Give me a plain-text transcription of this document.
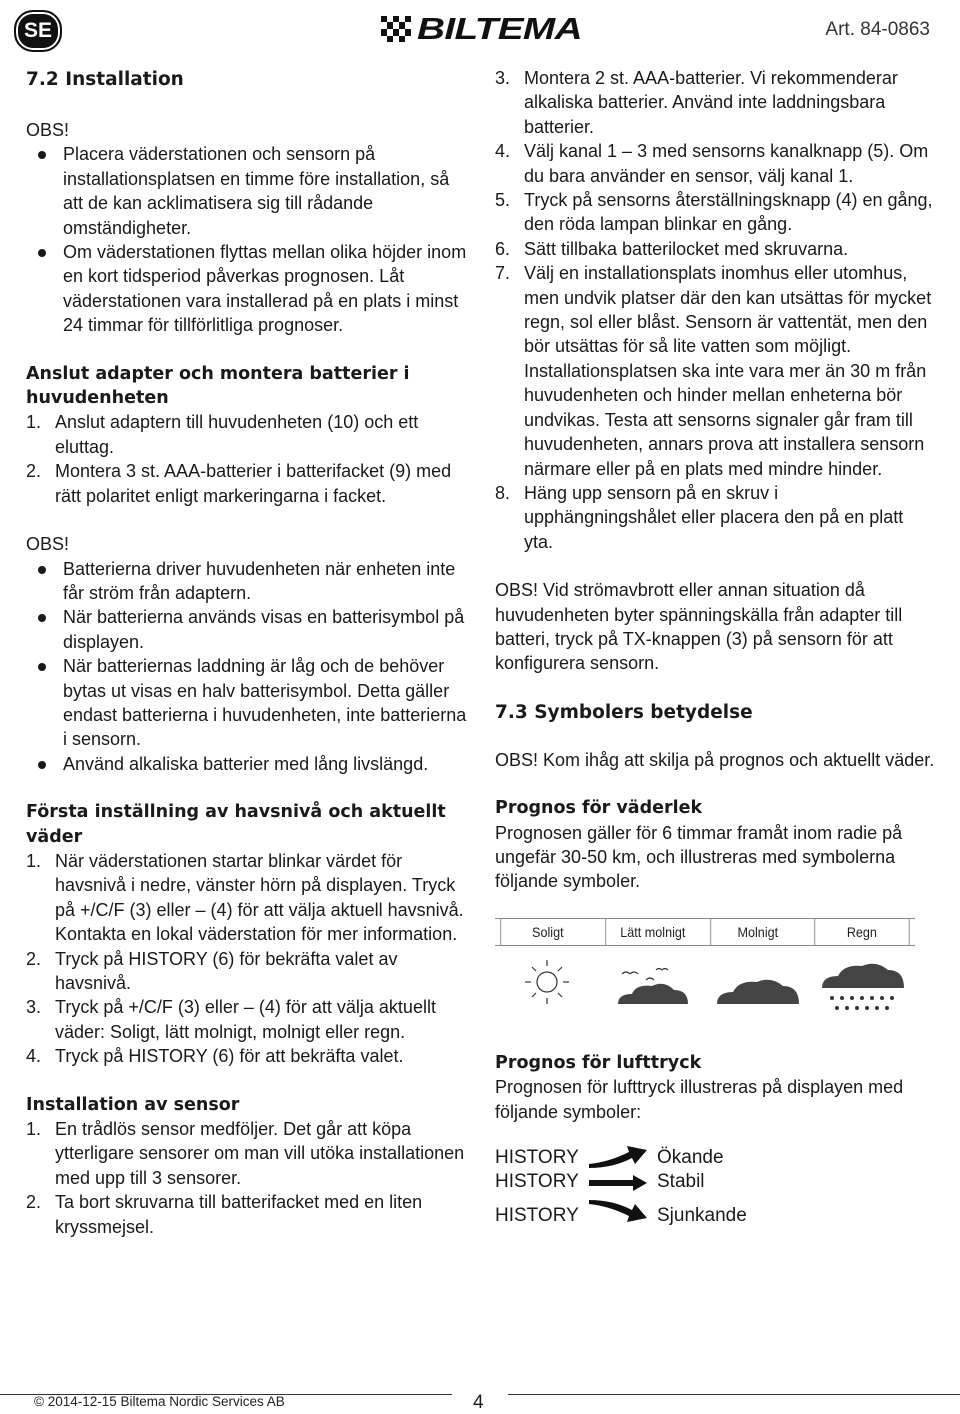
SE	BILTEMA	Art. 84-0863

7.2 Installation

OBS!

Placera väderstationen och sensorn på installationsplatsen en timme före installation, så att de kan acklimatisera sig till rådande omständigheter.

Om väderstationen flyttas mellan olika höjder inom en kort tidsperiod påverkas prognosen. Låt väderstationen vara installerad på en plats i minst 24 timmar för tillförlitliga prognoser.

Anslut adapter och montera batterier i huvudenheten

1. Anslut adaptern till huvudenheten (10) och ett eluttag.

2. Montera 3 st. AAA-batterier i batterifacket (9) med rätt polaritet enligt markeringarna i facket.

OBS!

Batterierna driver huvudenheten när enheten inte får ström från adaptern.

När batterierna används visas en batterisymbol på displayen.

När batteriernas laddning är låg och de behöver bytas ut visas en halv batterisymbol. Detta gäller endast batterierna i huvudenheten, inte batterierna i sensorn.

Använd alkaliska batterier med lång livslängd.

Första inställning av havsnivå och aktuellt väder

1. När väderstationen startar blinkar värdet för havsnivå i nedre, vänster hörn på displayen. Tryck på +/C/F (3) eller – (4) för att välja aktuell havsnivå. Kontakta en lokal väderstation för mer information.

2. Tryck på HISTORY (6) för bekräfta valet av havsnivå.

3. Tryck på +/C/F (3) eller – (4) för att välja aktuellt väder: Soligt, lätt molnigt, molnigt eller regn.

4. Tryck på HISTORY (6) för att bekräfta valet.

Installation av sensor

1. En trådlös sensor medföljer. Det går att köpa ytterligare sensorer om man vill utöka installationen med upp till 3 sensorer.

2. Ta bort skruvarna till batterifacket med en liten kryssmejsel.

3. Montera 2 st. AAA-batterier. Vi rekommenderar alkaliska batterier. Använd inte laddningsbara batterier.

4. Välj kanal 1 – 3 med sensorns kanalknapp (5). Om du bara använder en sensor, välj kanal 1.

5. Tryck på sensorns återställningsknapp (4) en gång, den röda lampan blinkar en gång.

6. Sätt tillbaka batterilocket med skruvarna.

7. Välj en installationsplats inomhus eller utomhus, men undvik platser där den kan utsättas för mycket regn, sol eller blåst. Sensorn är vattentät, men den bör utsättas för så lite vatten som möjligt. Installationsplatsen ska inte vara mer än 30 m från huvudenheten och hinder mellan enheterna bör undvikas. Testa att sensorns signaler går fram till huvudenheten, annars prova att installera sensorn närmare eller på en plats med mindre hinder.

8. Häng upp sensorn på en skruv i upphängningshålet eller placera den på en platt yta.

OBS! Vid strömavbrott eller annan situation då huvudenheten byter spänningskälla från adapter till batteri, tryck på TX-knappen (3) på sensorn för att konfigurera sensorn.

7.3 Symbolers betydelse

OBS! Kom ihåg att skilja på prognos och aktuellt väder.

Prognos för väderlek

Prognosen gäller för 6 timmar framåt inom radie på ungefär 30-50 km, och illustreras med symbolerna följande symboler.

Soligt	Lätt molnigt	Molnigt	Regn

Prognos för lufttryck

Prognosen för lufttryck illustreras på displayen med följande symboler:

HISTORY	Ökande
HISTORY	Stabil
HISTORY	Sjunkande
© 2014-12-15 Biltema Nordic Services AB	4
